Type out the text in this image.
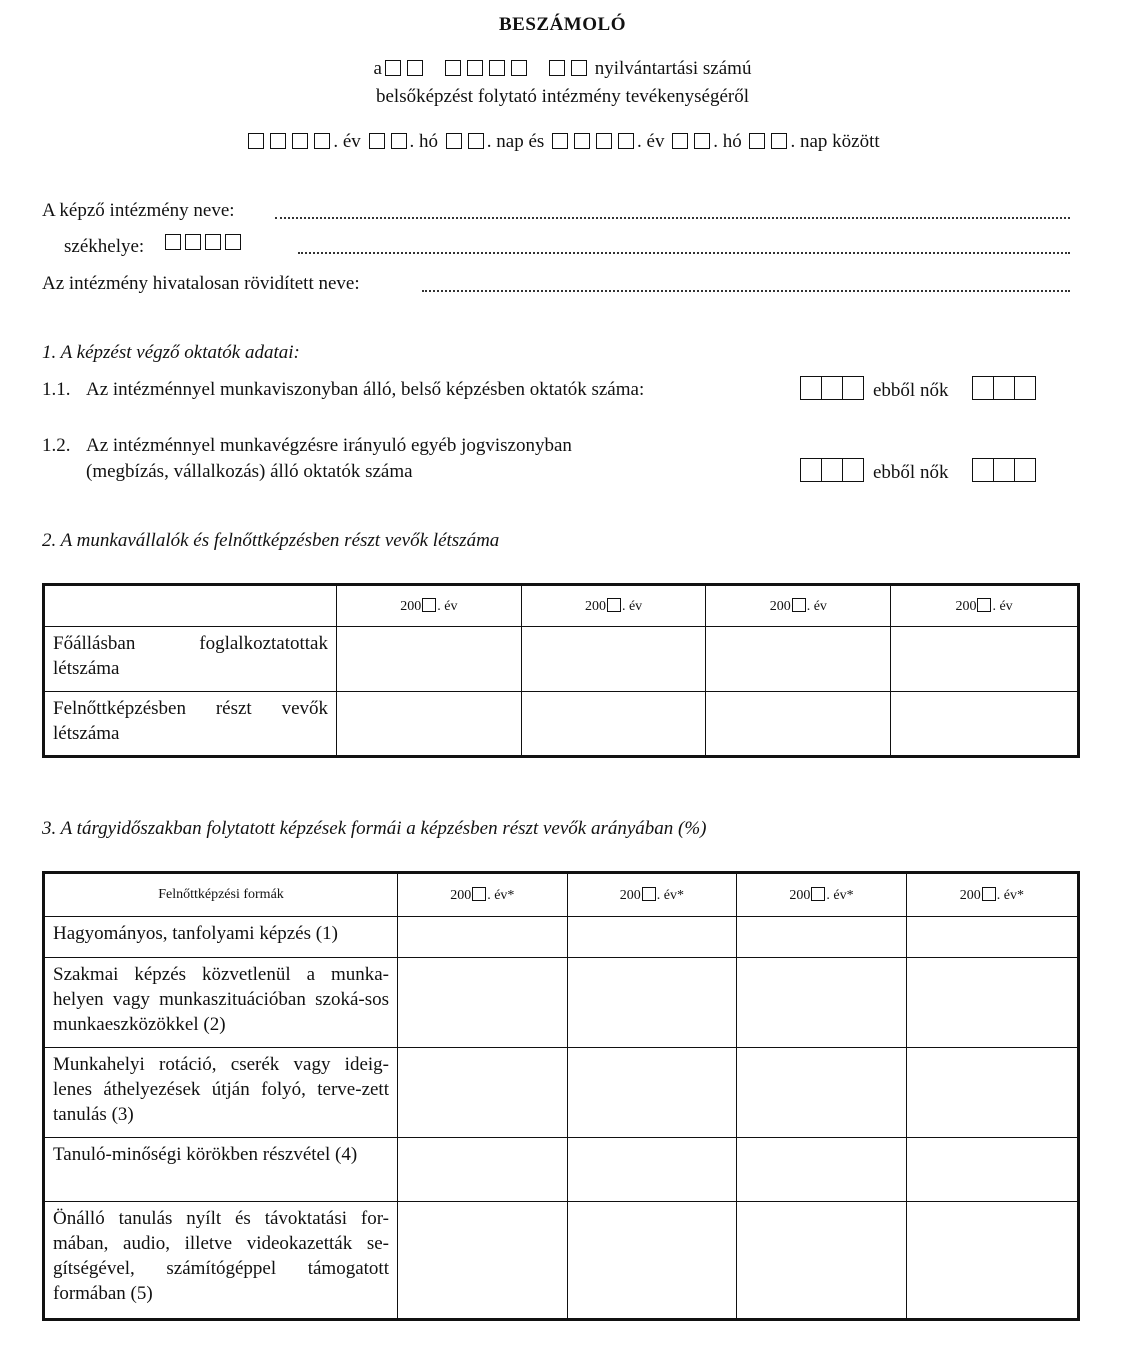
BESZÁMOLÓ
a	nyilvántartási számú
belsőképzést folytató intézmény tevékenységéről
. év	. hó	. nap és	. év	. hó	. nap között
A képző intézmény neve:
székhelye:
Az intézmény hivatalosan rövidített neve:
1. A képzést végző oktatók adatai:
1.1. Az intézménnyel munkaviszonyban álló, belső képzésben oktatók száma:	ebből nők
1.2. Az intézménnyel munkavégzésre irányuló egyéb jogviszonyban
(megbízás, vállalkozás) álló oktatók száma	ebből nők
2. A munkavállalók és felnőttképzésben részt vevők létszáma
	200 . év	200 . év	200 . év	200 . év
Főállásban foglalkoztatottak létszáma				
Felnőttképzésben részt vevők létszáma				
3. A tárgyidőszakban folytatott képzések formái a képzésben részt vevők arányában (%)
Felnőttképzési formák	200 . év*	200 . év*	200 . év*	200 . év*
Hagyományos, tanfolyami képzés (1)				
Szakmai képzés közvetlenül a munka-helyen vagy munkaszituációban szoká-sos munkaeszközökkel (2)				
Munkahelyi rotáció, cserék vagy ideig-lenes áthelyezések útján folyó, terve-zett tanulás (3)				
Tanuló-minőségi körökben részvétel (4)				
Önálló tanulás nyílt és távoktatási for-mában, audio, illetve videokazetták se-gítségével, számítógéppel támogatott formában (5)				
